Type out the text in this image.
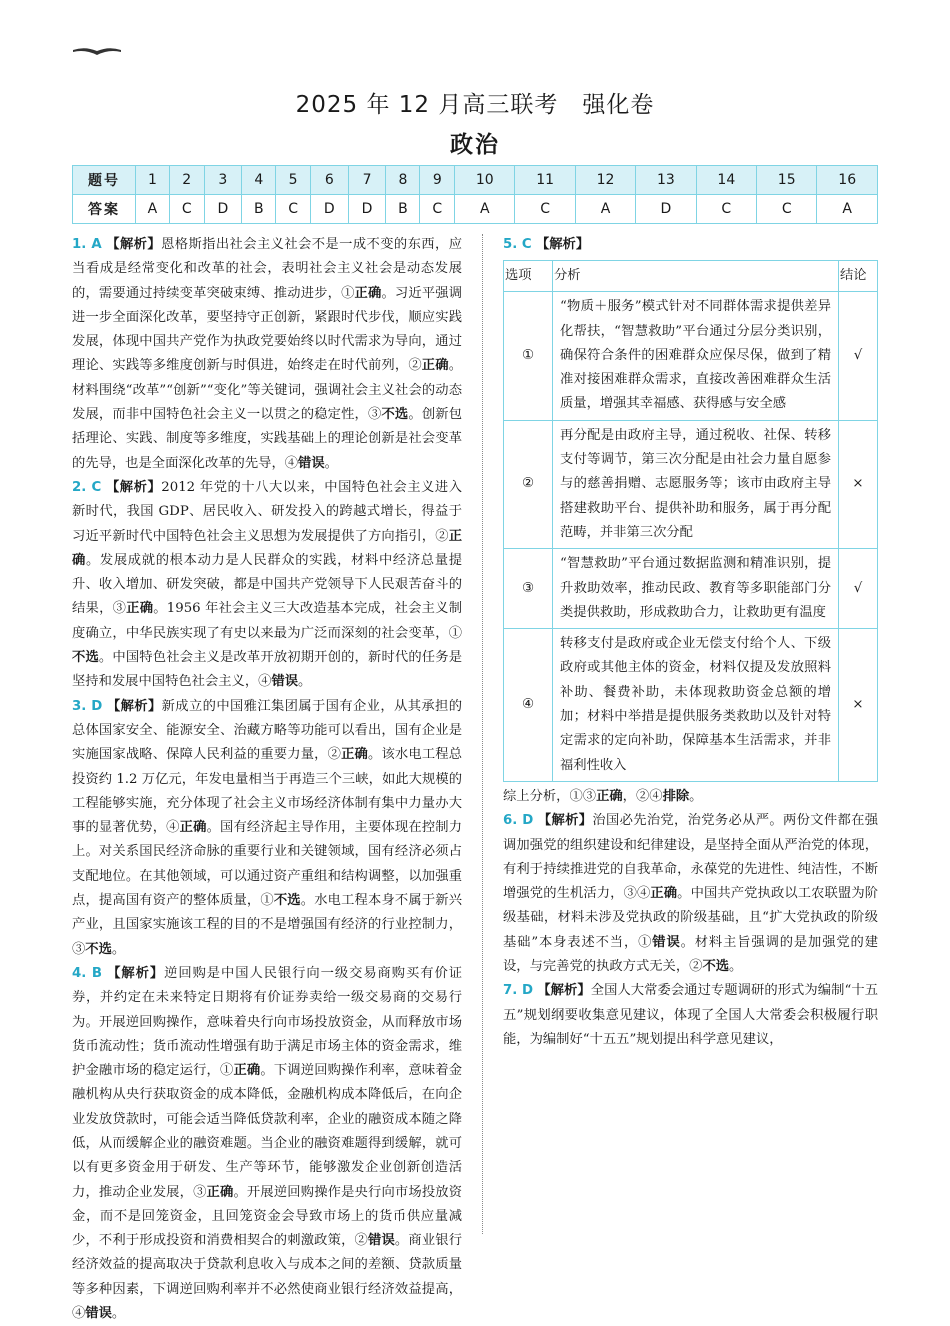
2025 年 12 月高三联考　强化卷
政治
题号	1	2	3	4	5	6	7	8	9	10	11	12	13	14	15	16
答案	A	C	D	B	C	D	D	B	C	A	C	A	D	C	C	A

1. A 【解析】恩格斯指出社会主义社会不是一成不变的东西，应当看成是经常变化和改革的社会，表明社会主义社会是动态发展的，需要通过持续变革突破束缚、推动进步，①正确。习近平强调进一步全面深化改革，要坚持守正创新，紧跟时代步伐，顺应实践发展，体现中国共产党作为执政党要始终以时代需求为导向，通过理论、实践等多维度创新与时俱进，始终走在时代前列，②正确。材料围绕“改革”“创新”“变化”等关键词，强调社会主义社会的动态发展，而非中国特色社会主义一以贯之的稳定性，③不选。创新包括理论、实践、制度等多维度，实践基础上的理论创新是社会变革的先导，也是全面深化改革的先导，④错误。

2. C 【解析】2012 年党的十八大以来，中国特色社会主义进入新时代，我国 GDP、居民收入、研发投入的跨越式增长，得益于习近平新时代中国特色社会主义思想为发展提供了方向指引，②正确。发展成就的根本动力是人民群众的实践，材料中经济总量提升、收入增加、研发突破，都是中国共产党领导下人民艰苦奋斗的结果，③正确。1956 年社会主义三大改造基本完成，社会主义制度确立，中华民族实现了有史以来最为广泛而深刻的社会变革，①不选。中国特色社会主义是改革开放初期开创的，新时代的任务是坚持和发展中国特色社会主义，④错误。

3. D 【解析】新成立的中国雅江集团属于国有企业，从其承担的总体国家安全、能源安全、治藏方略等功能可以看出，国有企业是实施国家战略、保障人民利益的重要力量，②正确。该水电工程总投资约 1.2 万亿元，年发电量相当于再造三个三峡，如此大规模的工程能够实施，充分体现了社会主义市场经济体制有集中力量办大事的显著优势，④正确。国有经济起主导作用，主要体现在控制力上。对关系国民经济命脉的重要行业和关键领域，国有经济必须占支配地位。在其他领域，可以通过资产重组和结构调整，以加强重点，提高国有资产的整体质量，①不选。水电工程本身不属于新兴产业，且国家实施该工程的目的不是增强国有经济的行业控制力，③不选。

4. B 【解析】逆回购是中国人民银行向一级交易商购买有价证券，并约定在未来特定日期将有价证券卖给一级交易商的交易行为。开展逆回购操作，意味着央行向市场投放资金，从而释放市场货币流动性；货币流动性增强有助于满足市场主体的资金需求，维护金融市场的稳定运行，①正确。下调逆回购操作利率，意味着金融机构从央行获取资金的成本降低，金融机构成本降低后，在向企业发放贷款时，可能会适当降低贷款利率，企业的融资成本随之降低，从而缓解企业的融资难题。当企业的融资难题得到缓解，就可以有更多资金用于研发、生产等环节，能够激发企业创新创造活力，推动企业发展，③正确。开展逆回购操作是央行向市场投放资金，而不是回笼资金，且回笼资金会导致市场上的货币供应量减少，不利于形成投资和消费相契合的刺激政策，②错误。商业银行经济效益的提高取决于贷款利息收入与成本之间的差额、贷款质量等多种因素，下调逆回购利率并不必然使商业银行经济效益提高，④错误。

5. C 【解析】

选项	分析	结论
①	“物质＋服务”模式针对不同群体需求提供差异化帮扶，“智慧救助”平台通过分层分类识别，确保符合条件的困难群众应保尽保，做到了精准对接困难群众需求，直接改善困难群众生活质量，增强其幸福感、获得感与安全感	√
②	再分配是由政府主导，通过税收、社保、转移支付等调节，第三次分配是由社会力量自愿参与的慈善捐赠、志愿服务等；该市由政府主导搭建救助平台、提供补助和服务，属于再分配范畴，并非第三次分配	×
③	“智慧救助”平台通过数据监测和精准识别，提升救助效率，推动民政、教育等多职能部门分类提供救助，形成救助合力，让救助更有温度	√
④	转移支付是政府或企业无偿支付给个人、下级政府或其他主体的资金，材料仅提及发放照料补助、餐费补助，未体现救助资金总额的增加；材料中举措是提供服务类救助以及针对特定需求的定向补助，保障基本生活需求，并非福利性收入	×

综上分析，①③正确，②④排除。

6. D 【解析】治国必先治党，治党务必从严。两份文件都在强调加强党的组织建设和纪律建设，是坚持全面从严治党的体现，有利于持续推进党的自我革命，永葆党的先进性、纯洁性，不断增强党的生机活力，③④正确。中国共产党执政以工农联盟为阶级基础，材料未涉及党执政的阶级基础，且“扩大党执政的阶级基础”本身表述不当，①错误。材料主旨强调的是加强党的建设，与完善党的执政方式无关，②不选。

7. D 【解析】全国人大常委会通过专题调研的形式为编制“十五五”规划纲要收集意见建议，体现了全国人大常委会积极履行职能，为编制好“十五五”规划提出科学意见建议，
